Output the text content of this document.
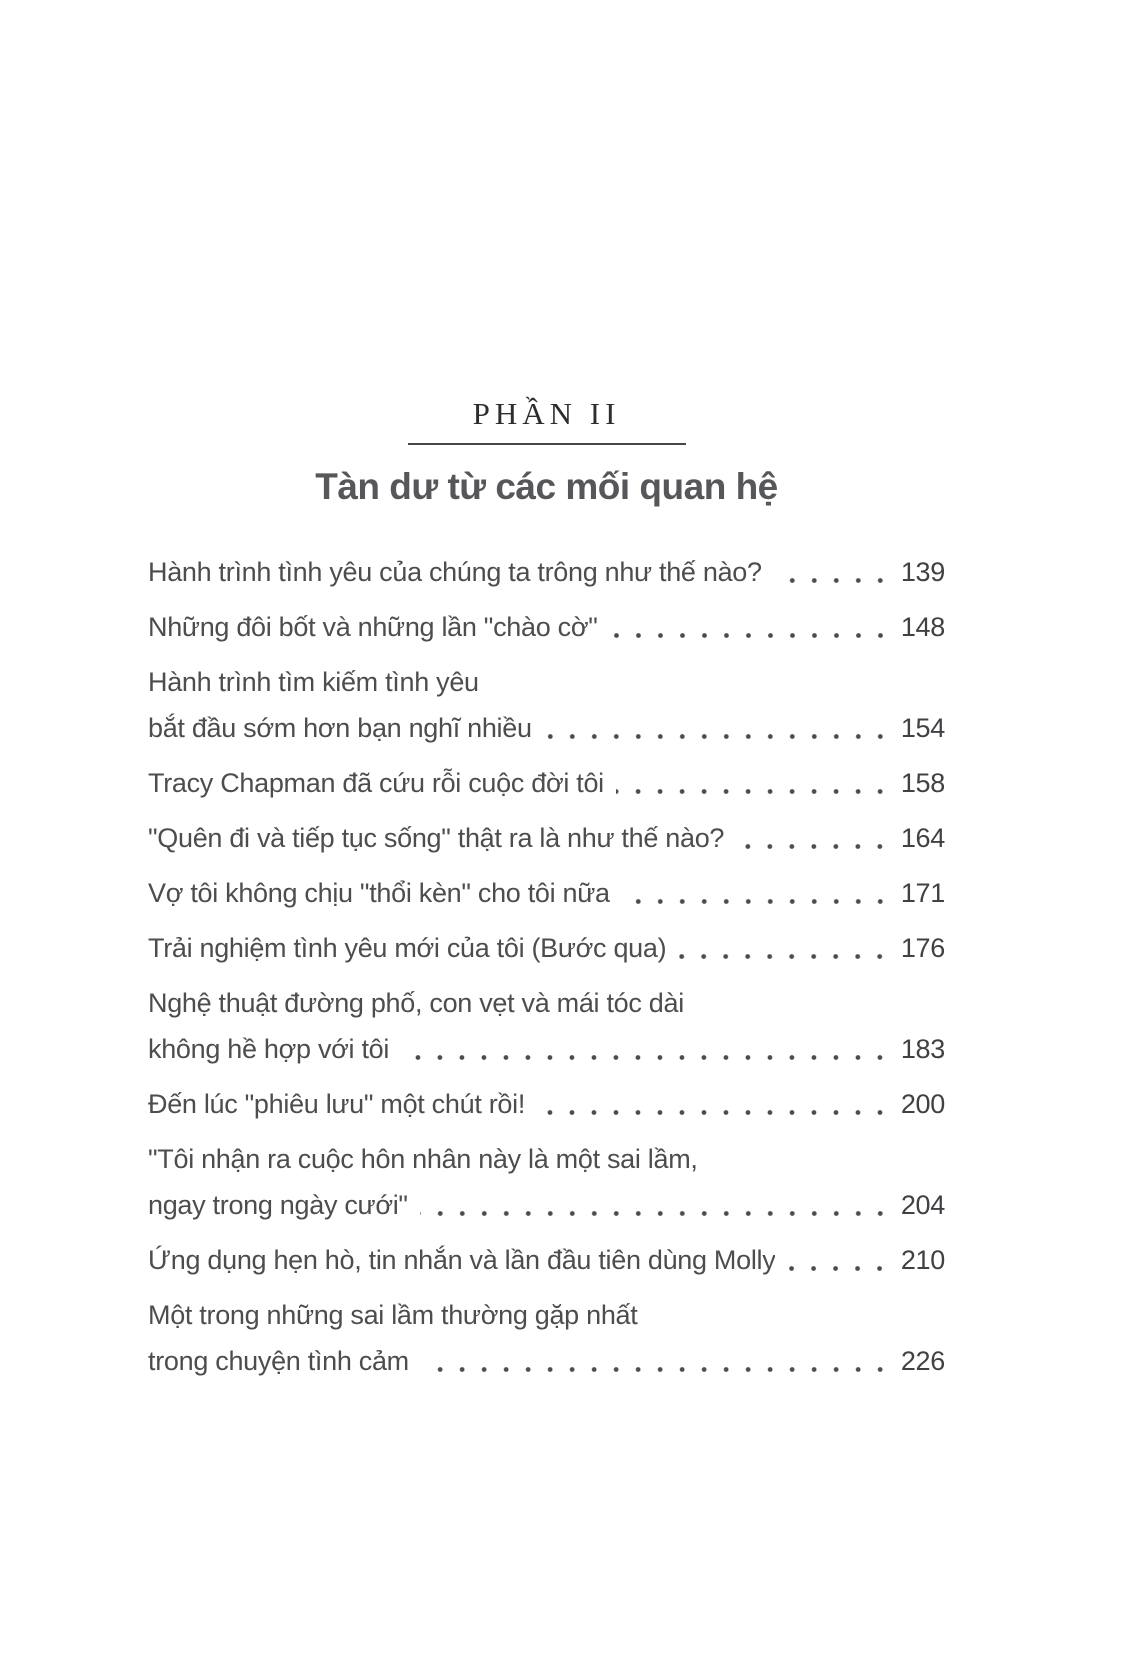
PHẦN II
Tàn dư từ các mối quan hệ
Hành trình tình yêu của chúng ta trông như thế nào?	139
Những đôi bốt và những lần "chào cờ"	148
Hành trình tìm kiếm tình yêu
bắt đầu sớm hơn bạn nghĩ nhiều	154
Tracy Chapman đã cứu rỗi cuộc đời tôi	158
"Quên đi và tiếp tục sống" thật ra là như thế nào?	164
Vợ tôi không chịu "thổi kèn" cho tôi nữa	171
Trải nghiệm tình yêu mới của tôi (Bước qua)	176
Nghệ thuật đường phố, con vẹt và mái tóc dài
không hề hợp với tôi	183
Đến lúc "phiêu lưu" một chút rồi!	200
"Tôi nhận ra cuộc hôn nhân này là một sai lầm,
ngay trong ngày cưới"	204
Ứng dụng hẹn hò, tin nhắn và lần đầu tiên dùng Molly	210
Một trong những sai lầm thường gặp nhất
trong chuyện tình cảm	226
